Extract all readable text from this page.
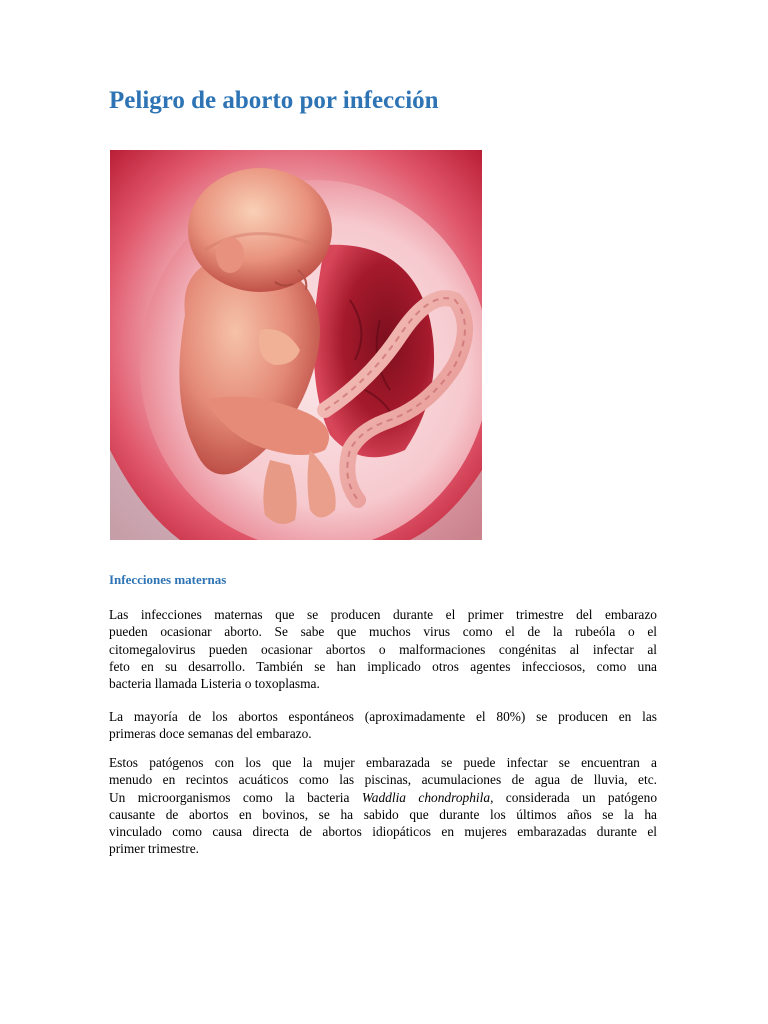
Peligro de aborto por infección
Infecciones maternas

Las infecciones maternas que se producen durante el primer trimestre del embarazo
pueden ocasionar aborto. Se sabe que muchos virus como el de la rubeóla o el
citomegalovirus pueden ocasionar abortos o malformaciones congénitas al infectar al
feto en su desarrollo. También se han implicado otros agentes infecciosos, como una
bacteria llamada Listeria o toxoplasma.

La mayoría de los abortos espontáneos (aproximadamente el 80%) se producen en las
primeras doce semanas del embarazo.

Estos patógenos con los que la mujer embarazada se puede infectar se encuentran a
menudo en recintos acuáticos como las piscinas, acumulaciones de agua de lluvia, etc.
Un microorganismos como la bacteria Waddlia chondrophila, considerada un patógeno
causante de abortos en bovinos, se ha sabido que durante los últimos años se la ha
vinculado como causa directa de abortos idiopáticos en mujeres embarazadas durante el
primer trimestre.
